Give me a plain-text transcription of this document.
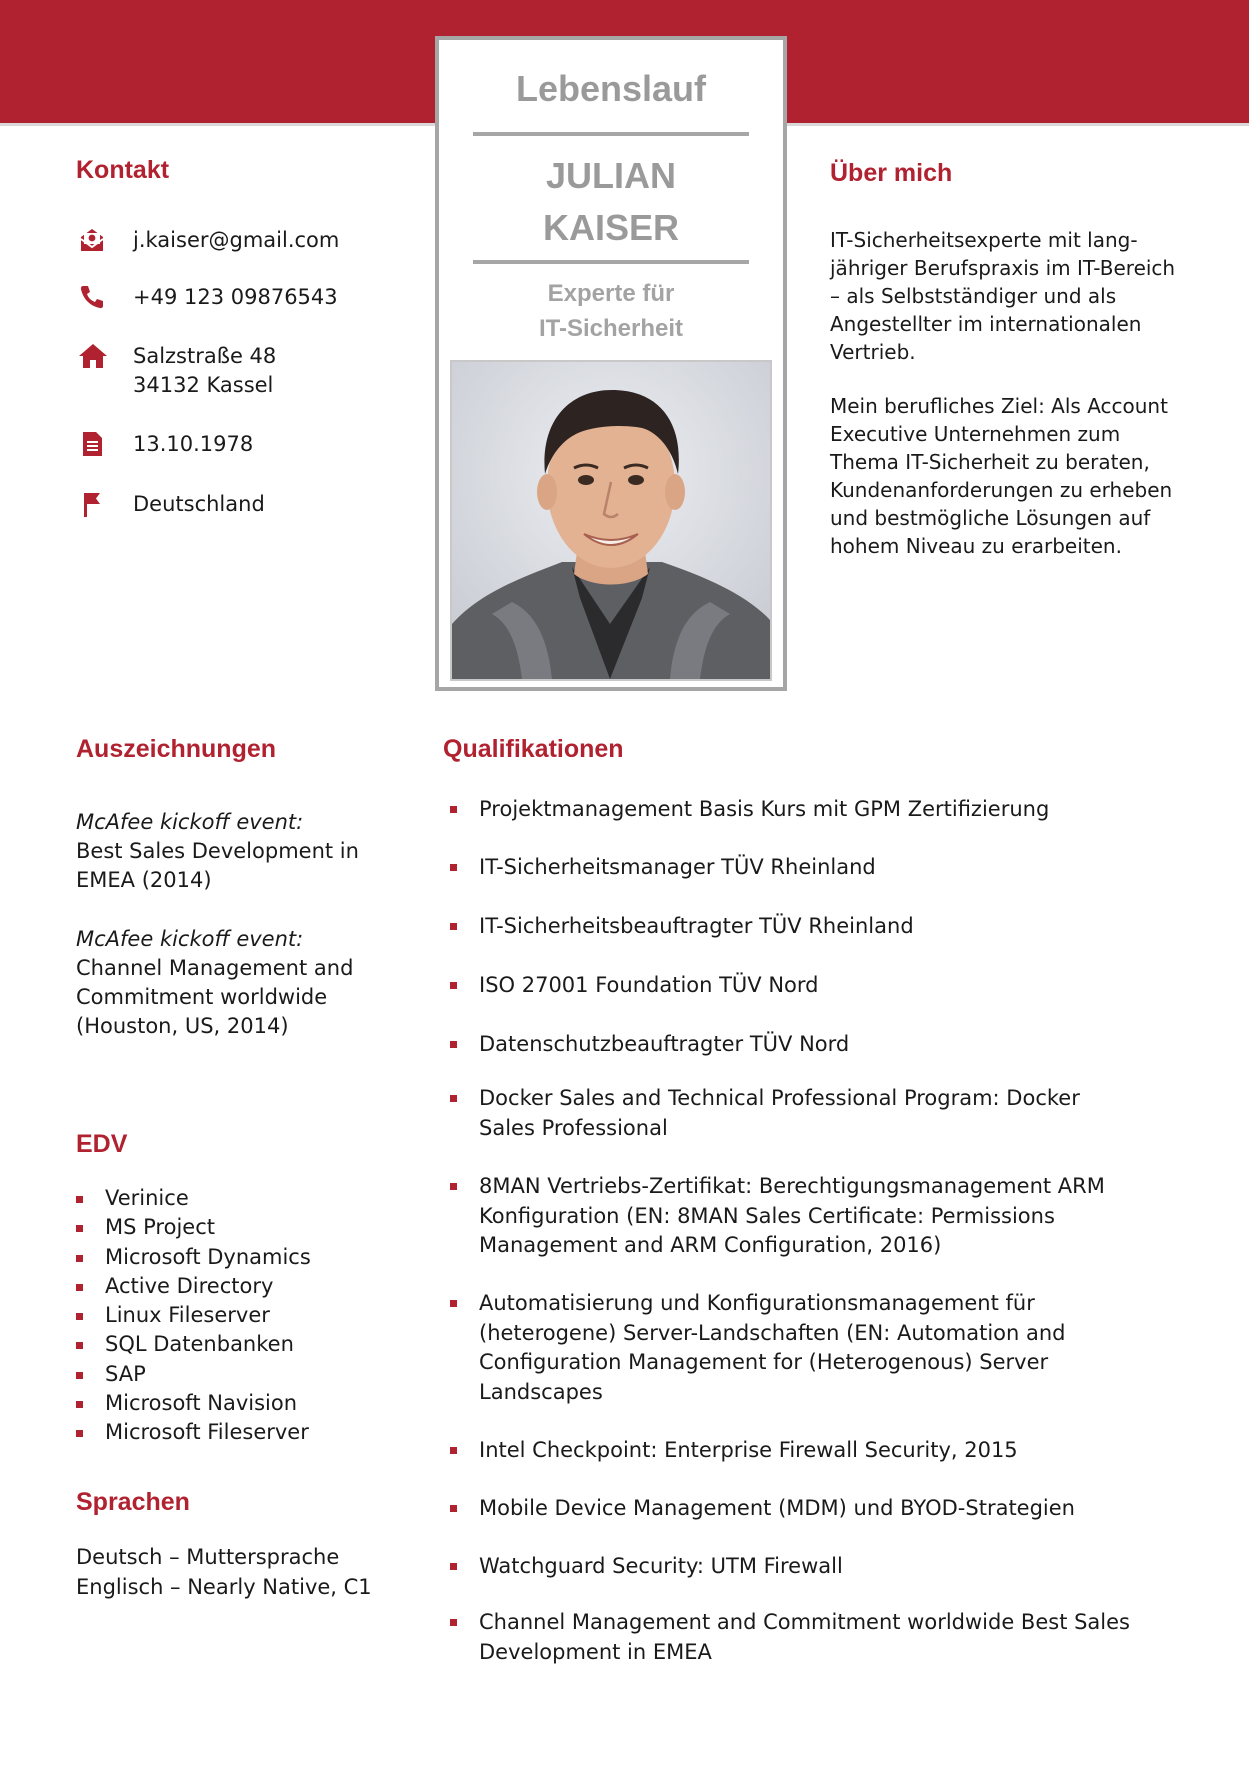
Lebenslauf
JULIAN
KAISER
Experte für
IT-Sicherheit
Kontakt
j.kaiser@gmail.com
+49 123 09876543
Salzstraße 48
34132 Kassel
13.10.1978
Deutschland
Über mich
IT-Sicherheitsexperte mit lang-jähriger Berufspraxis im IT-Bereich – als Selbstständiger und als Angestellter im internationalen Vertrieb.
Mein berufliches Ziel: Als Account Executive Unternehmen zum Thema IT-Sicherheit zu beraten, Kundenanforderungen zu erheben und bestmögliche Lösungen auf hohem Niveau zu erarbeiten.
Auszeichnungen
McAfee kickoff event:
Best Sales Development in EMEA (2014)
McAfee kickoff event:
Channel Management and Commitment worldwide (Houston, US, 2014)
EDV
Verinice
MS Project
Microsoft Dynamics
Active Directory
Linux Fileserver
SQL Datenbanken
SAP
Microsoft Navision
Microsoft Fileserver
Sprachen
Deutsch – Muttersprache
Englisch – Nearly Native, C1
Qualifikationen
Projektmanagement Basis Kurs mit GPM Zertifizierung
IT-Sicherheitsmanager TÜV Rheinland
IT-Sicherheitsbeauftragter TÜV Rheinland
ISO 27001 Foundation TÜV Nord
Datenschutzbeauftragter TÜV Nord
Docker Sales and Technical Professional Program: Docker Sales Professional
8MAN Vertriebs-Zertifikat: Berechtigungsmanagement ARM Konfiguration (EN: 8MAN Sales Certificate: Permissions Management and ARM Configuration, 2016)
Automatisierung und Konfigurationsmanagement für (heterogene) Server-Landschaften (EN: Automation and Configuration Management for (Heterogenous) Server Landscapes
Intel Checkpoint: Enterprise Firewall Security, 2015
Mobile Device Management (MDM) und BYOD-Strategien
Watchguard Security: UTM Firewall
Channel Management and Commitment worldwide Best Sales Development in EMEA
